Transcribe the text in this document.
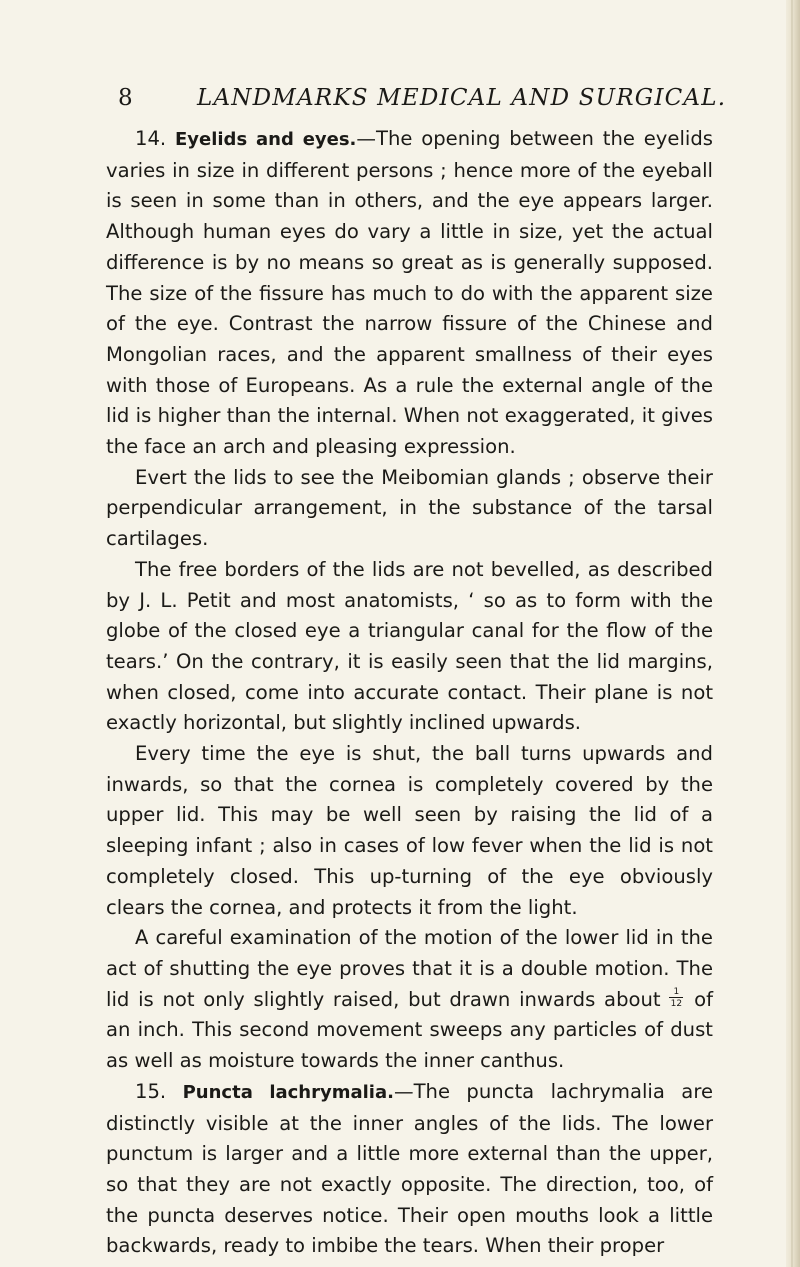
8	LANDMARKS MEDICAL AND SURGICAL.

14. Eyelids and eyes.—The opening between the eyelids varies in size in different persons ; hence more of the eyeball is seen in some than in others, and the eye appears larger. Although human eyes do vary a little in size, yet the actual difference is by no means so great as is generally supposed. The size of the fissure has much to do with the apparent size of the eye. Contrast the narrow fissure of the Chinese and Mongolian races, and the apparent smallness of their eyes with those of Europeans. As a rule the external angle of the lid is higher than the internal. When not exaggerated, it gives the face an arch and pleasing expression.

Evert the lids to see the Meibomian glands ; observe their perpendicular arrangement, in the substance of the tarsal cartilages.

The free borders of the lids are not bevelled, as described by J. L. Petit and most anatomists, ‘ so as to form with the globe of the closed eye a triangular canal for the flow of the tears.’ On the contrary, it is easily seen that the lid margins, when closed, come into accurate contact. Their plane is not exactly horizontal, but slightly inclined upwards.

Every time the eye is shut, the ball turns upwards and inwards, so that the cornea is completely covered by the upper lid. This may be well seen by raising the lid of a sleeping infant ; also in cases of low fever when the lid is not completely closed. This up-turning of the eye obviously clears the cornea, and protects it from the light.

A careful examination of the motion of the lower lid in the act of shutting the eye proves that it is a double motion. The lid is not only slightly raised, but drawn inwards about $\frac{1}{12}$ of an inch. This second movement sweeps any particles of dust as well as moisture towards the inner canthus.

15. Puncta lachrymalia.—The puncta lachrymalia are distinctly visible at the inner angles of the lids. The lower punctum is larger and a little more external than the upper, so that they are not exactly opposite. The direction, too, of the puncta deserves notice. Their open mouths look a little backwards, ready to imbibe the tears. When their proper
